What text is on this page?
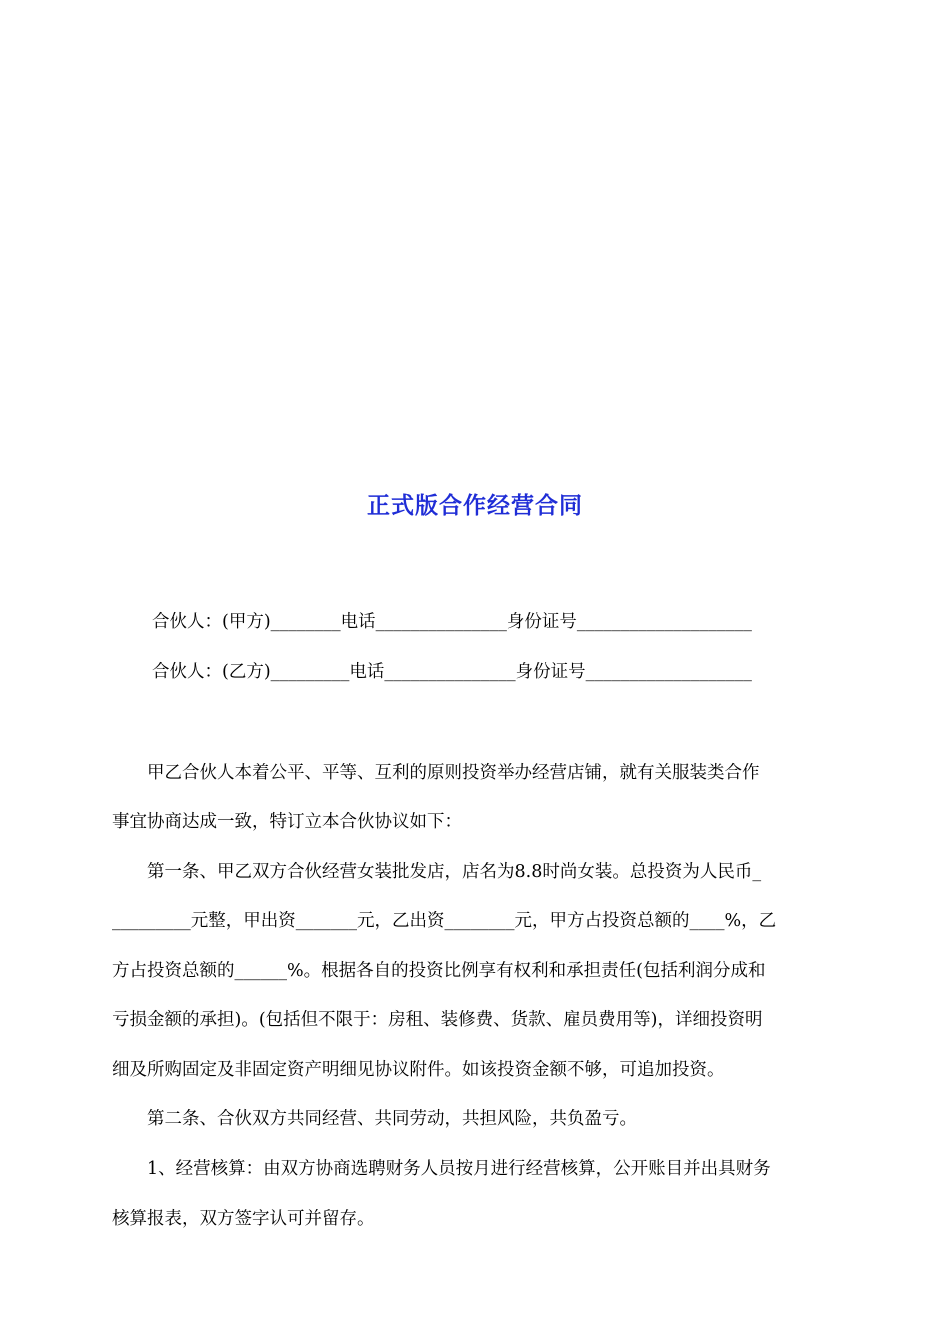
正式版合作经营合同
合伙人：(甲方)________电话_______________身份证号____________________
合伙人：(乙方)_________电话_______________身份证号___________________
　　甲乙合伙人本着公平、平等、互利的原则投资举办经营店铺，就有关服装类合作
事宜协商达成一致，特订立本合伙协议如下：
　　第一条、甲乙双方合伙经营女装批发店，店名为8.8时尚女装。总投资为人民币_
_________元整，甲出资_______元，乙出资________元，甲方占投资总额的____%，乙
方占投资总额的______%。根据各自的投资比例享有权利和承担责任(包括利润分成和
亏损金额的承担)。(包括但不限于：房租、装修费、货款、雇员费用等)，详细投资明
细及所购固定及非固定资产明细见协议附件。如该投资金额不够，可追加投资。
　　第二条、合伙双方共同经营、共同劳动，共担风险，共负盈亏。
　　1、经营核算：由双方协商选聘财务人员按月进行经营核算，公开账目并出具财务
核算报表，双方签字认可并留存。
